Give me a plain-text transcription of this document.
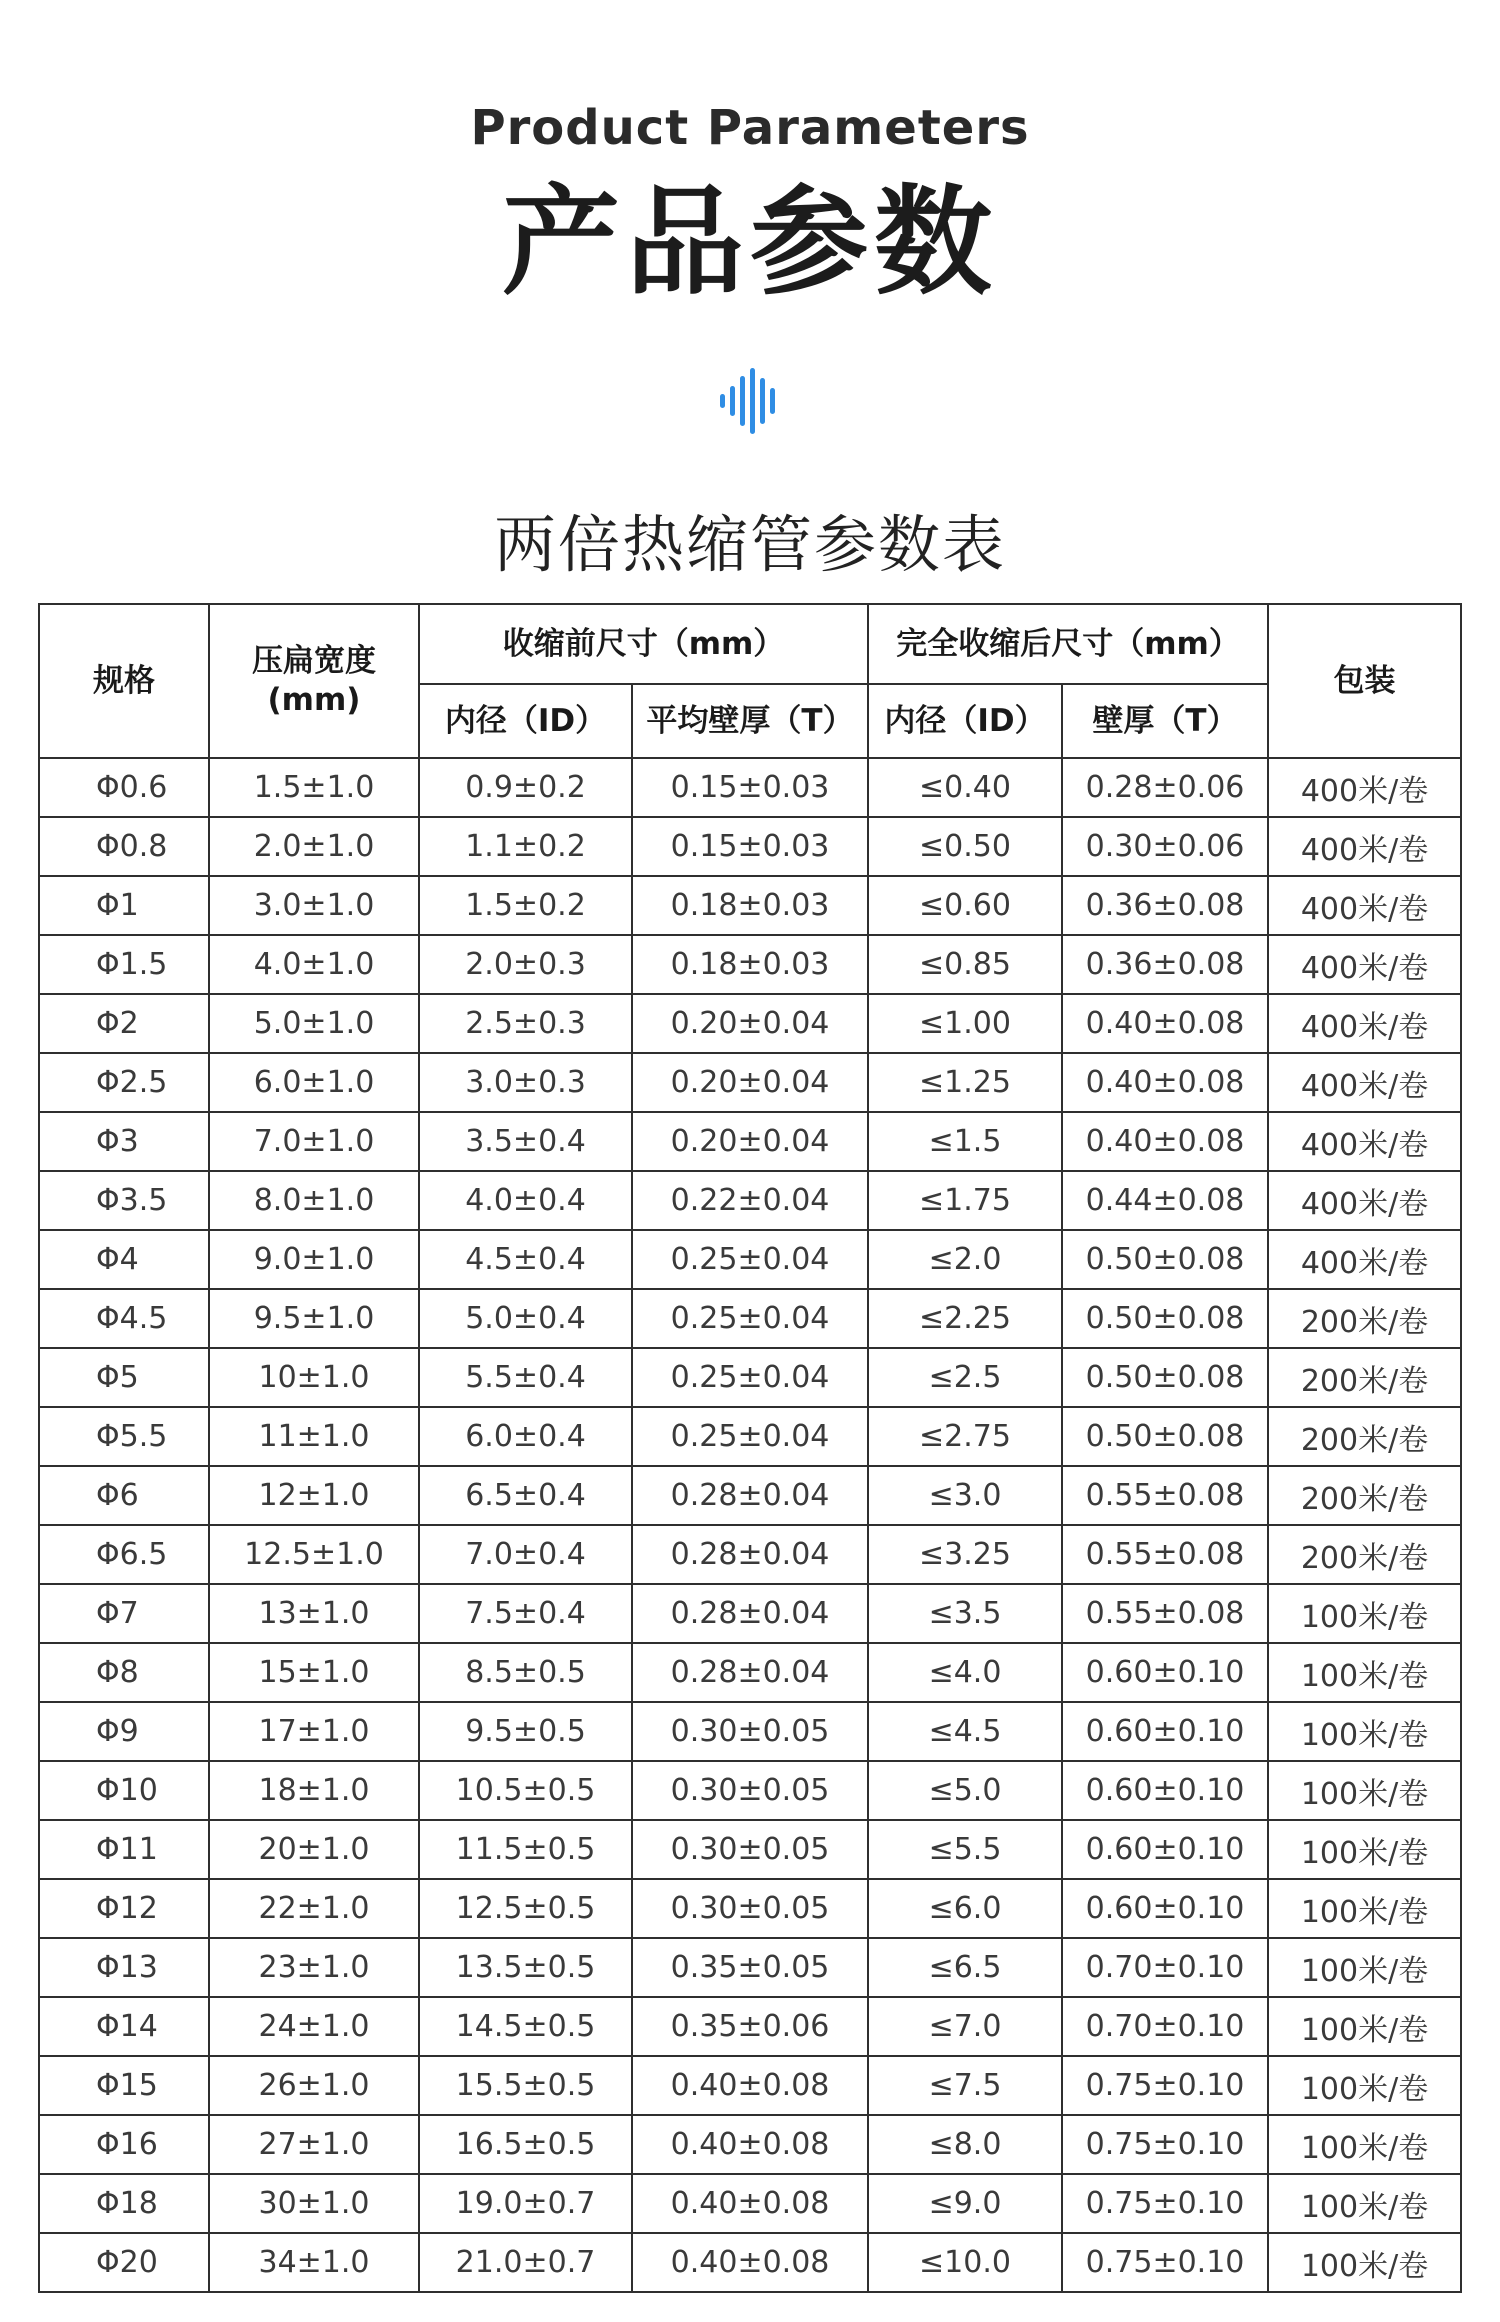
Product Parameters
产品参数
两倍热缩管参数表
规格	压扁宽度
(mm)	收缩前尺寸（mm）		完全收缩后尺寸（mm）		包装
		内径（ID）	平均壁厚（T）	内径（ID）	壁厚（T）	
Φ0.6	1.5±1.0	0.9±0.2	0.15±0.03	≤0.40	0.28±0.06	400米/卷
Φ0.8	2.0±1.0	1.1±0.2	0.15±0.03	≤0.50	0.30±0.06	400米/卷
Φ1	3.0±1.0	1.5±0.2	0.18±0.03	≤0.60	0.36±0.08	400米/卷
Φ1.5	4.0±1.0	2.0±0.3	0.18±0.03	≤0.85	0.36±0.08	400米/卷
Φ2	5.0±1.0	2.5±0.3	0.20±0.04	≤1.00	0.40±0.08	400米/卷
Φ2.5	6.0±1.0	3.0±0.3	0.20±0.04	≤1.25	0.40±0.08	400米/卷
Φ3	7.0±1.0	3.5±0.4	0.20±0.04	≤1.5	0.40±0.08	400米/卷
Φ3.5	8.0±1.0	4.0±0.4	0.22±0.04	≤1.75	0.44±0.08	400米/卷
Φ4	9.0±1.0	4.5±0.4	0.25±0.04	≤2.0	0.50±0.08	400米/卷
Φ4.5	9.5±1.0	5.0±0.4	0.25±0.04	≤2.25	0.50±0.08	200米/卷
Φ5	10±1.0	5.5±0.4	0.25±0.04	≤2.5	0.50±0.08	200米/卷
Φ5.5	11±1.0	6.0±0.4	0.25±0.04	≤2.75	0.50±0.08	200米/卷
Φ6	12±1.0	6.5±0.4	0.28±0.04	≤3.0	0.55±0.08	200米/卷
Φ6.5	12.5±1.0	7.0±0.4	0.28±0.04	≤3.25	0.55±0.08	200米/卷
Φ7	13±1.0	7.5±0.4	0.28±0.04	≤3.5	0.55±0.08	100米/卷
Φ8	15±1.0	8.5±0.5	0.28±0.04	≤4.0	0.60±0.10	100米/卷
Φ9	17±1.0	9.5±0.5	0.30±0.05	≤4.5	0.60±0.10	100米/卷
Φ10	18±1.0	10.5±0.5	0.30±0.05	≤5.0	0.60±0.10	100米/卷
Φ11	20±1.0	11.5±0.5	0.30±0.05	≤5.5	0.60±0.10	100米/卷
Φ12	22±1.0	12.5±0.5	0.30±0.05	≤6.0	0.60±0.10	100米/卷
Φ13	23±1.0	13.5±0.5	0.35±0.05	≤6.5	0.70±0.10	100米/卷
Φ14	24±1.0	14.5±0.5	0.35±0.06	≤7.0	0.70±0.10	100米/卷
Φ15	26±1.0	15.5±0.5	0.40±0.08	≤7.5	0.75±0.10	100米/卷
Φ16	27±1.0	16.5±0.5	0.40±0.08	≤8.0	0.75±0.10	100米/卷
Φ18	30±1.0	19.0±0.7	0.40±0.08	≤9.0	0.75±0.10	100米/卷
Φ20	34±1.0	21.0±0.7	0.40±0.08	≤10.0	0.75±0.10	100米/卷
